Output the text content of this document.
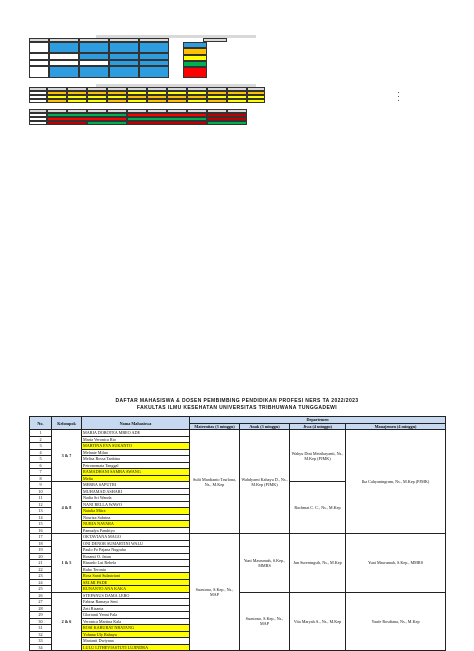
DAFTAR MAHASISWA & DOSEN PEMBIMBING PENDIDIKAN PROFESI NERS TA 2022/2023
FAKULTAS ILMU KESEHATAN UNIVERSITAS TRIBHUWANA TUNGGADEWI
No.	Kelompok	Nama Mahasiswa	Departemen			
			Maternitas (3 minggu)	Anak (3 minggu)	Jiwa (4 minggu)	Manajemen (4 minggu)
1	3 & 7	MARIA DOROTEA MBEO ADE	Sulti Mardianto Trurlona, Ns., M.Kep	Wahdyarni Kahayu D., Ns., M.Kep (PJMK)	Wahyu Dini Metrikayanti, Ns., M.Kep (PJMK)	Ika Cahyaningrum, Ns., M.Kep (PJMK)
2		Maria Veronica Rio				
3		MARTINA EVA SUKANTO				
4		Melanie Milan				
5		Melisa Rossa Tanbina				
6		Petronomata Tanggal				
7		RAMADHANI SAMBA AWANG				
8		Melia				
9	4 & 8	MERRA SAPUTRI			Rachmat C. C., Ns., M.Kep	
10		MUHAMAD ASHARI				
11		Nadia Sri Wanda				
12		NANI BELLA WAWO				
13		Natalia Mitra				
14		Nouriza Sabrina				
15		NURIA NAVARA				
16		Pamudya Pandriyo				
17	1 & 5	OKTAVIANA MAGO	Suastono, S.Kep., Ns., MAP	Yuni Masrumah, S.Kep., MMRS	Jun Sureningsih, Ns., M.Kep	Yuni Masrumah, S.Kep., MMRS
18		ONI DENOR SUMARTINI WALU				
19		Paulo Fo Pajana Nugraha				
20		Rosanti O. Jatun				
21		Rinardo Lui Rebela				
22		Rubo Teronia				
23		Rosa Santi Sulastriani				
24		SELMI PADE				
25		RUNANTO ANA KAKA				
26	2 & 6	STEPANUS DAMA LERO		Suastono, S.Kep., Ns., MAP	Vita Maryah A., Ns., M.Kep	Yaufe Rosdiana, Ns., M.Kep
27		Fabina Ramaya Seni				
28		Zeti Risania				
29		Glorianti Yenni Fala				
30		Veronica Martina Kala				
31		ROSI KABURAT NBATANG				
32		Yohana Uly Rahayu				
33		Marianti Dwiyana				
34		LULU LITHEVIASTUTI LUJINDRA				
